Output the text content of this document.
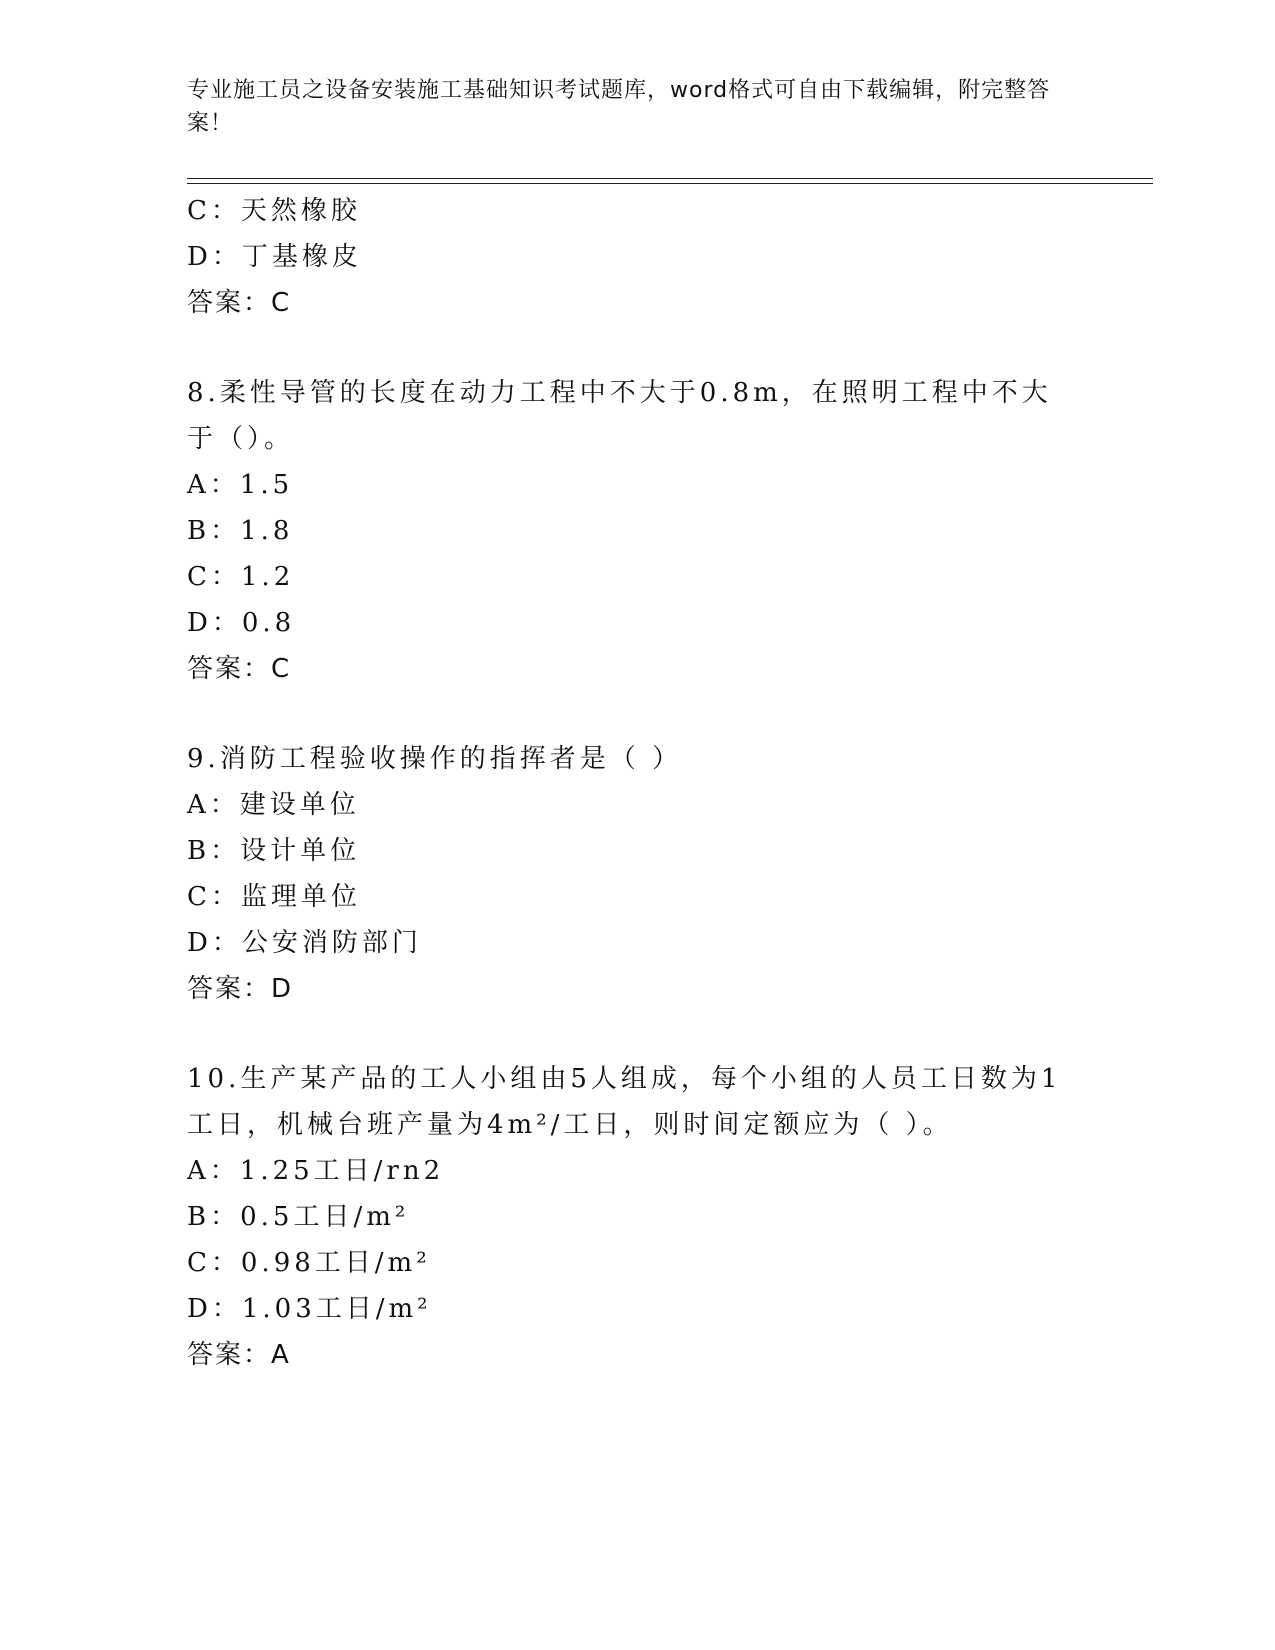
专业施工员之设备安装施工基础知识考试题库，word格式可自由下载编辑，附完整答案！
C：天然橡胶
D：丁基橡皮
答案：C
8.柔性导管的长度在动力工程中不大于0.8m，在照明工程中不大于（）。
A：1.5
B：1.8
C：1.2
D：0.8
答案：C
9.消防工程验收操作的指挥者是（ ）
A：建设单位
B：设计单位
C：监理单位
D：公安消防部门
答案：D
10.生产某产品的工人小组由5人组成，每个小组的人员工日数为1工日，机械台班产量为4m²/工日，则时间定额应为（ ）。
A：1.25工日/rn2
B：0.5工日/m²
C：0.98工日/m²
D：1.03工日/m²
答案：A
